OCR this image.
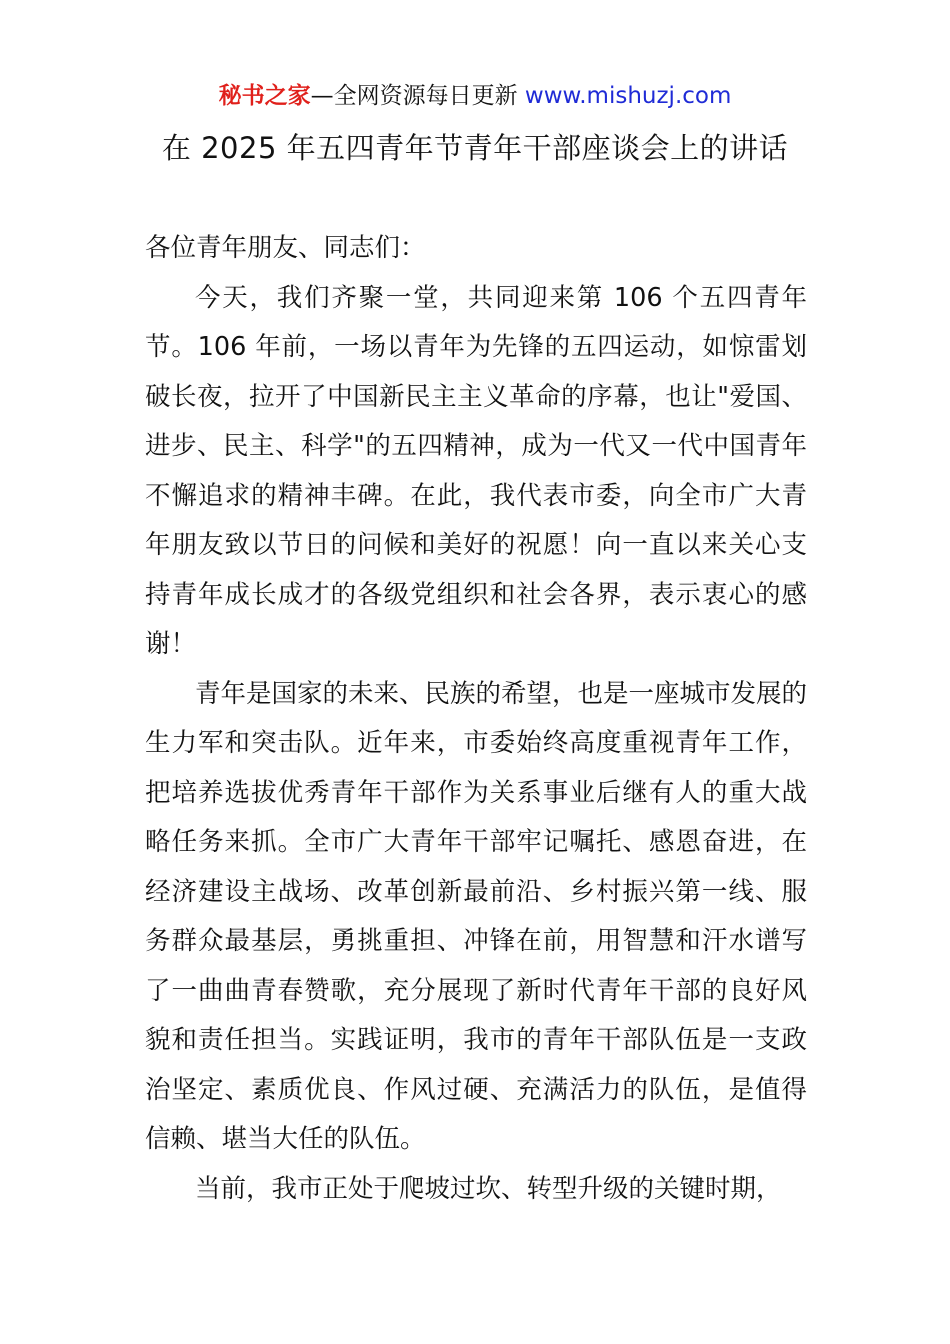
秘书之家—全网资源每日更新 www.mishuzj.com
在 2025 年五四青年节青年干部座谈会上的讲话

各位青年朋友、同志们：

今天，我们齐聚一堂，共同迎来第 106 个五四青年节。106 年前，一场以青年为先锋的五四运动，如惊雷划破长夜，拉开了中国新民主主义革命的序幕，也让"爱国、进步、民主、科学"的五四精神，成为一代又一代中国青年不懈追求的精神丰碑。在此，我代表市委，向全市广大青年朋友致以节日的问候和美好的祝愿！向一直以来关心支持青年成长成才的各级党组织和社会各界，表示衷心的感谢！

青年是国家的未来、民族的希望，也是一座城市发展的生力军和突击队。近年来，市委始终高度重视青年工作，把培养选拔优秀青年干部作为关系事业后继有人的重大战略任务来抓。全市广大青年干部牢记嘱托、感恩奋进，在经济建设主战场、改革创新最前沿、乡村振兴第一线、服务群众最基层，勇挑重担、冲锋在前，用智慧和汗水谱写了一曲曲青春赞歌，充分展现了新时代青年干部的良好风貌和责任担当。实践证明，我市的青年干部队伍是一支政治坚定、素质优良、作风过硬、充满活力的队伍，是值得信赖、堪当大任的队伍。

当前，我市正处于爬坡过坎、转型升级的关键时期，
